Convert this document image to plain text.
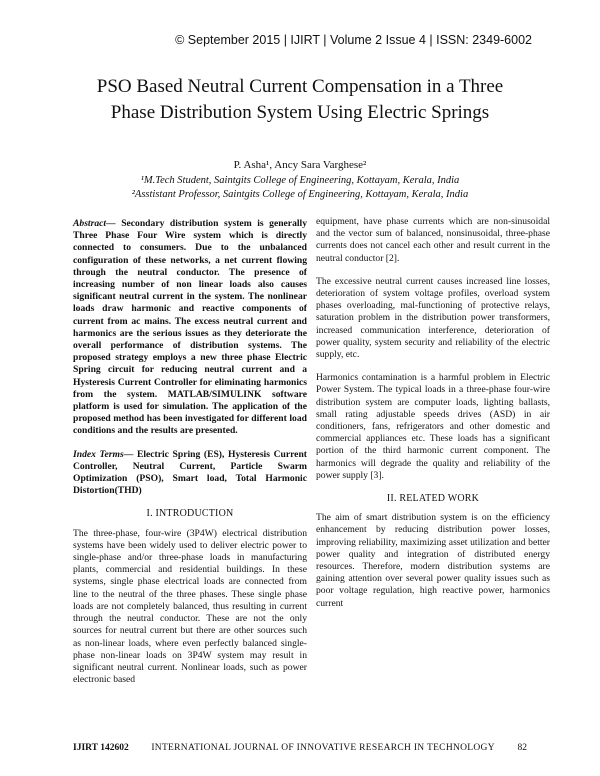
© September 2015 | IJIRT | Volume 2 Issue 4 | ISSN: 2349-6002
PSO Based Neutral Current Compensation in a Three
Phase Distribution System Using Electric Springs
P. Asha¹, Ancy Sara Varghese²
¹M.Tech Student, Saintgits College of Engineering, Kottayam, Kerala, India
²Asstistant Professor, Saintgits College of Engineering, Kottayam, Kerala, India

Abstract— Secondary distribution system is generally Three Phase Four Wire system which is directly connected to consumers. Due to the unbalanced configuration of these networks, a net current flowing through the neutral conductor. The presence of increasing number of non linear loads also causes significant neutral current in the system. The nonlinear loads draw harmonic and reactive components of current from ac mains. The excess neutral current and harmonics are the serious issues as they deteriorate the overall performance of distribution systems. The proposed strategy employs a new three phase Electric Spring circuit for reducing neutral current and a Hysteresis Current Controller for eliminating harmonics from the system. MATLAB/SIMULINK software platform is used for simulation. The application of the proposed method has been investigated for different load conditions and the results are presented.

Index Terms— Electric Spring (ES), Hysteresis Current Controller, Neutral Current, Particle Swarm Optimization (PSO), Smart load, Total Harmonic Distortion(THD)

I. INTRODUCTION

The three-phase, four-wire (3P4W) electrical distribution systems have been widely used to deliver electric power to single-phase and/or three-phase loads in manufacturing plants, commercial and residential buildings. In these systems, single phase electrical loads are connected from line to the neutral of the three phases. These single phase loads are not completely balanced, thus resulting in current through the neutral conductor. These are not the only sources for neutral current but there are other sources such as non-linear loads, where even perfectly balanced single-phase non-linear loads on 3P4W system may result in significant neutral current. Nonlinear loads, such as power electronic based

equipment, have phase currents which are non-sinusoidal and the vector sum of balanced, nonsinusoidal, three-phase currents does not cancel each other and result current in the neutral conductor [2].

The excessive neutral current causes increased line losses, deterioration of system voltage profiles, overload system phases overloading, mal-functioning of protective relays, saturation problem in the distribution power transformers, increased communication interference, deterioration of power quality, system security and reliability of the electric supply, etc.

Harmonics contamination is a harmful problem in Electric Power System. The typical loads in a three-phase four-wire distribution system are computer loads, lighting ballasts, small rating adjustable speeds drives (ASD) in air conditioners, fans, refrigerators and other domestic and commercial appliances etc. These loads has a significant portion of the third harmonic current component. The harmonics will degrade the quality and reliability of the power supply [3].

II. RELATED WORK

The aim of smart distribution system is on the efficiency enhancement by reducing distribution power losses, improving reliability, maximizing asset utilization and better power quality and integration of distributed energy resources. Therefore, modern distribution systems are gaining attention over several power quality issues such as poor voltage regulation, high reactive power, harmonics current

IJIRT 142602 INTERNATIONAL JOURNAL OF INNOVATIVE RESEARCH IN TECHNOLOGY 82
